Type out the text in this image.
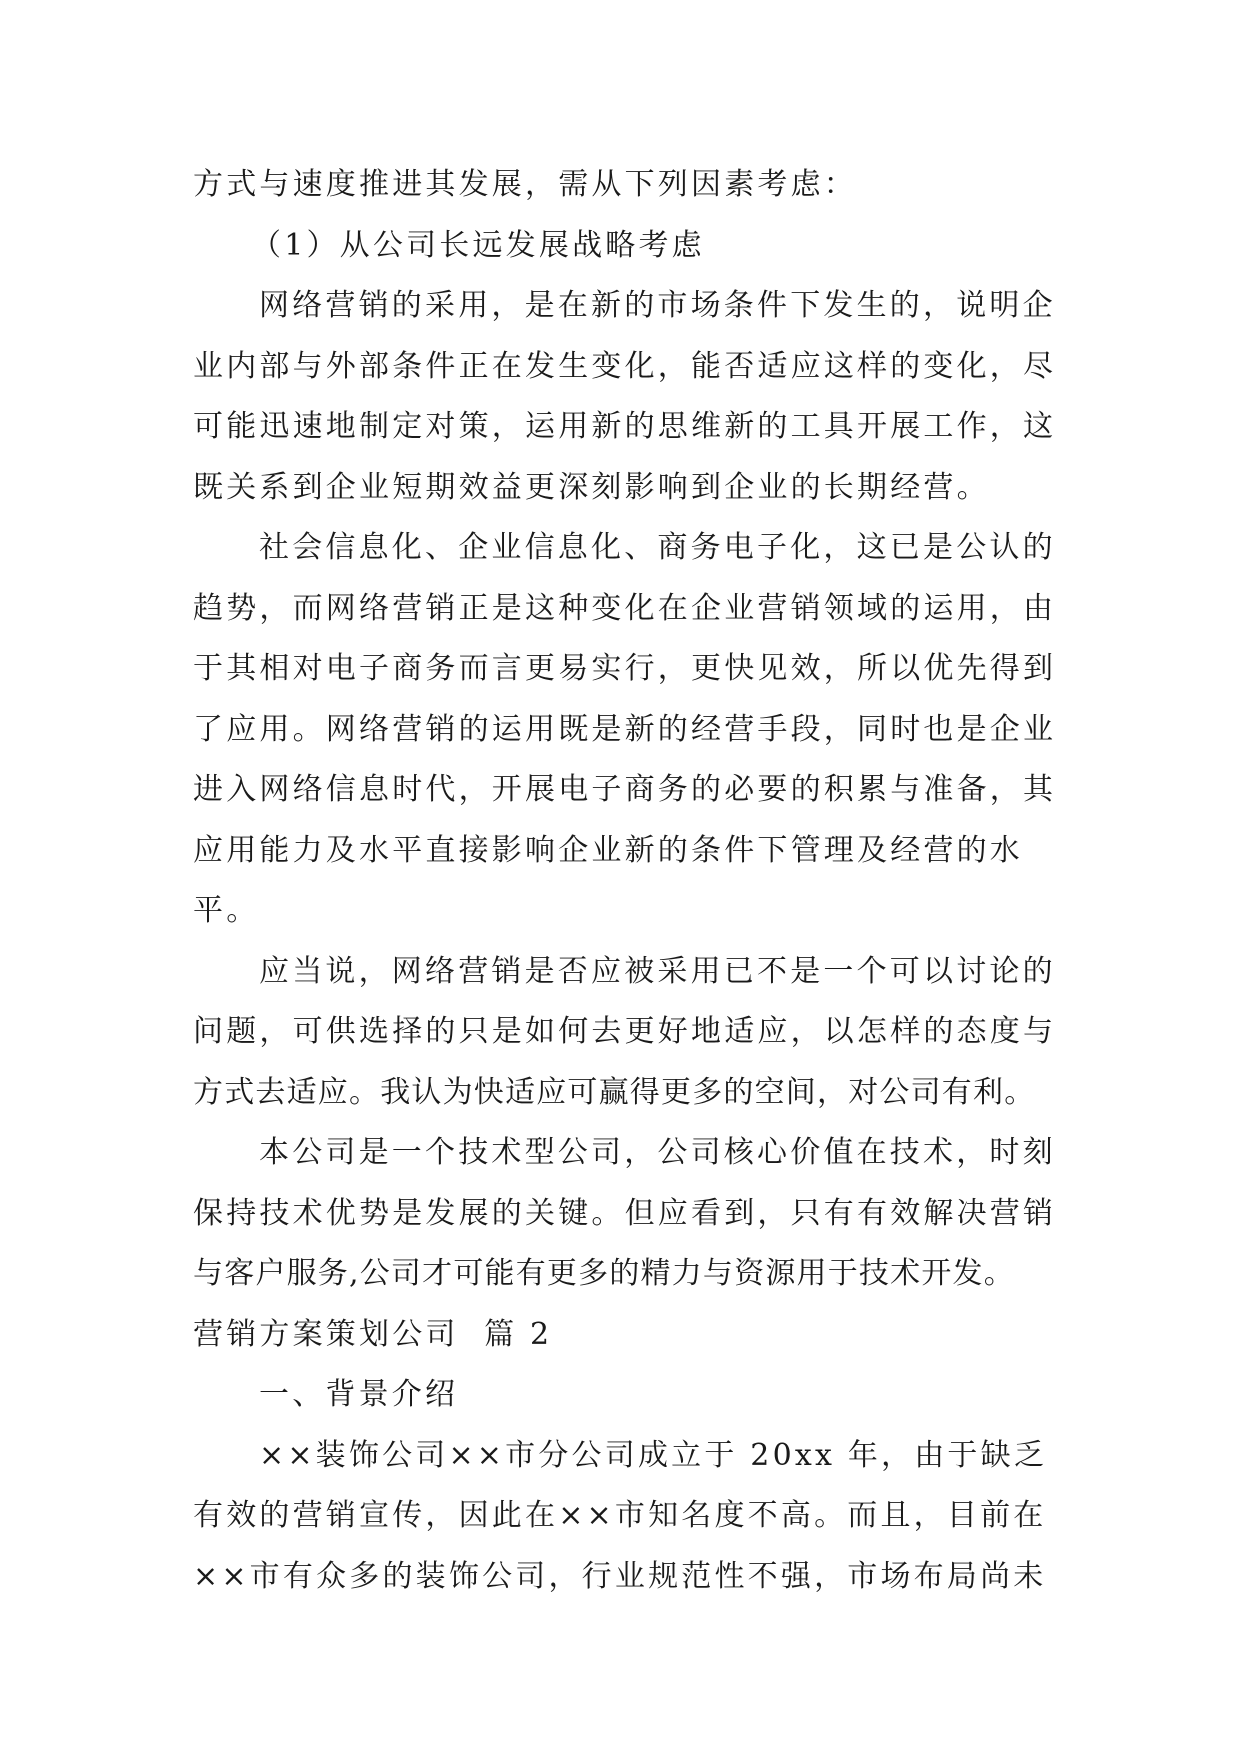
方式与速度推进其发展，需从下列因素考虑：
（1）从公司长远发展战略考虑
网络营销的采用，是在新的市场条件下发生的，说明企
业内部与外部条件正在发生变化，能否适应这样的变化，尽
可能迅速地制定对策，运用新的思维新的工具开展工作，这
既关系到企业短期效益更深刻影响到企业的长期经营。
社会信息化、企业信息化、商务电子化，这已是公认的
趋势，而网络营销正是这种变化在企业营销领域的运用，由
于其相对电子商务而言更易实行，更快见效，所以优先得到
了应用。网络营销的运用既是新的经营手段，同时也是企业
进入网络信息时代，开展电子商务的必要的积累与准备，其
应用能力及水平直接影响企业新的条件下管理及经营的水
平。
应当说，网络营销是否应被采用已不是一个可以讨论的
问题，可供选择的只是如何去更好地适应，以怎样的态度与
方式去适应。我认为快适应可赢得更多的空间，对公司有利。
本公司是一个技术型公司，公司核心价值在技术，时刻
保持技术优势是发展的关键。但应看到，只有有效解决营销
与客户服务,公司才可能有更多的精力与资源用于技术开发。
营销方案策划公司  篇 2
一、背景介绍
××装饰公司××市分公司成立于 20xx 年，由于缺乏
有效的营销宣传，因此在××市知名度不高。而且，目前在
××市有众多的装饰公司，行业规范性不强，市场布局尚未
